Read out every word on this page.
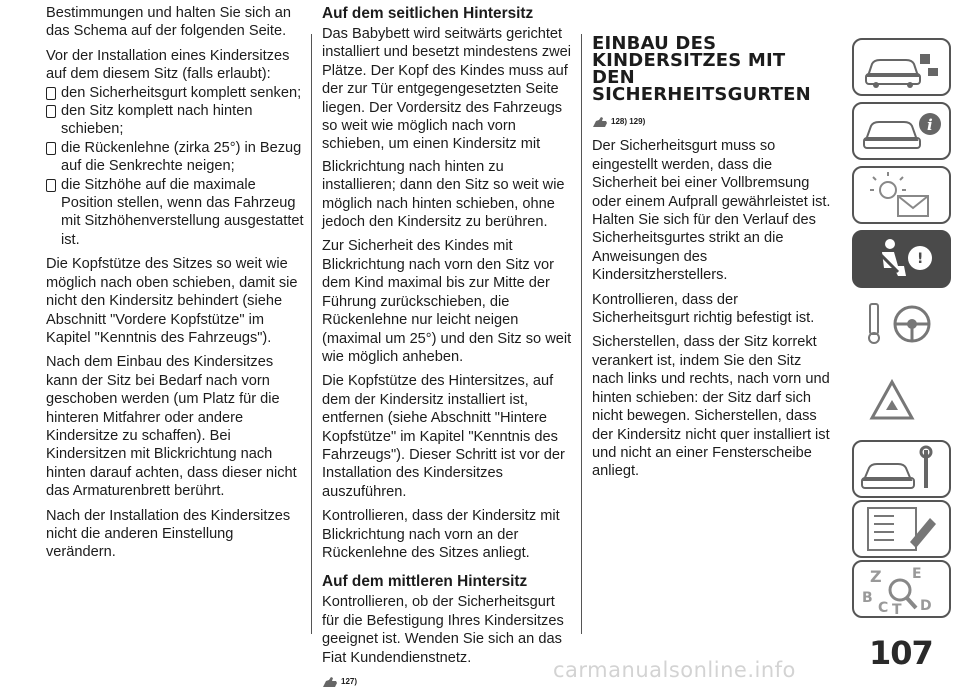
Bestimmungen und halten Sie sich an das Schema auf der folgenden Seite.

Vor der Installation eines Kindersitzes auf dem diesem Sitz (falls erlaubt):

den Sicherheitsgurt komplett senken;
den Sitz komplett nach hinten schieben;
die Rückenlehne (zirka 25°) in Bezug auf die Senkrechte neigen;
die Sitzhöhe auf die maximale Position stellen, wenn das Fahrzeug mit Sitzhöhenverstellung ausgestattet ist.

Die Kopfstütze des Sitzes so weit wie möglich nach oben schieben, damit sie nicht den Kindersitz behindert (siehe Abschnitt "Vordere Kopfstütze" im Kapitel "Kenntnis des Fahrzeugs").

Nach dem Einbau des Kindersitzes kann der Sitz bei Bedarf nach vorn geschoben werden (um Platz für die hinteren Mitfahrer oder andere Kindersitze zu schaffen). Bei Kindersitzen mit Blickrichtung nach hinten darauf achten, dass dieser nicht das Armaturenbrett berührt.

Nach der Installation des Kindersitzes nicht die anderen Einstellung verändern.

Auf dem seitlichen Hintersitz

Das Babybett wird seitwärts gerichtet installiert und besetzt mindestens zwei Plätze. Der Kopf des Kindes muss auf der zur Tür entgegengesetzten Seite liegen. Der Vordersitz des Fahrzeugs so weit wie möglich nach vorn schieben, um einen Kindersitz mit

Blickrichtung nach hinten zu installieren; dann den Sitz so weit wie möglich nach hinten schieben, ohne jedoch den Kindersitz zu berühren.

Zur Sicherheit des Kindes mit Blickrichtung nach vorn den Sitz vor dem Kind maximal bis zur Mitte der Führung zurückschieben, die Rückenlehne nur leicht neigen (maximal um 25°) und den Sitz so weit wie möglich anheben.

Die Kopfstütze des Hintersitzes, auf dem der Kindersitz installiert ist, entfernen (siehe Abschnitt "Hintere Kopfstütze" im Kapitel "Kenntnis des Fahrzeugs"). Dieser Schritt ist vor der Installation des Kindersitzes auszuführen.

Kontrollieren, dass der Kindersitz mit Blickrichtung nach vorn an der Rückenlehne des Sitzes anliegt.

Auf dem mittleren Hintersitz

Kontrollieren, ob der Sicherheitsgurt für die Befestigung Ihres Kindersitzes geeignet ist. Wenden Sie sich an das Fiat Kundendienstnetz.

127)
EINBAU DES KINDERSITZES MIT DEN SICHERHEITSGURTEN
128) 129)

Der Sicherheitsgurt muss so eingestellt werden, dass die Sicherheit bei einer Vollbremsung oder einem Aufprall gewährleistet ist. Halten Sie sich für den Verlauf des Sicherheitsgurtes strikt an die Anweisungen des Kindersitzherstellers.

Kontrollieren, dass der Sicherheitsgurt richtig befestigt ist.

Sicherstellen, dass der Sitz korrekt verankert ist, indem Sie den Sitz nach links und rechts, nach vorn und hinten schieben: der Sitz darf sich nicht bewegen. Sicherstellen, dass der Kindersitz nicht quer installiert ist und nicht an einer Fensterscheibe anliegt.

i
!
Z E
B
C T D
107
carmanualsonline.info
